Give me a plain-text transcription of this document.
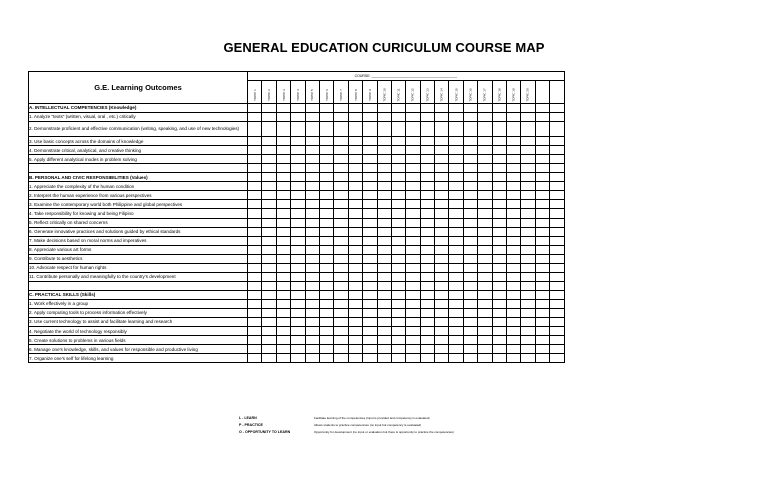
GENERAL EDUCATION CURICULUM COURSE MAP
G.E. Learning Outcomes	COURSE: ____________________________________________																					
	TOPIC 1	TOPIC 2	TOPIC 3	TOPIC 4	TOPIC 5	TOPIC 6	TOPIC 7	TOPIC 8	TOPIC 9	TOPIC 10	TOPIC 11	TOPIC 12	TOPIC 13	TOPIC 14	TOPIC 15	TOPIC 16	TOPIC 17	TOPIC 18	TOPIC 19	TOPIC 20		
A. INTELLECTUAL COMPETENCIES (Knowledge)																						
1. Analyze "texts" (written, visual, oral , etc.) critically																						
2. Demonstrate proficient and effective communication (writing, speaking, and use of new technologies)																						
3. Use basic concepts across the domains of knowledge																						
4. Demonstrate critical, analytical, and creative thinking																						
5. Apply different analytical modes in problem solving																						

B. PERSONAL AND CIVIC RESPONSIBILITIES (Values)																						
1. Appreciate the complexity of the human condition																						
2. Interpret the human experience from various perspectives																						
3. Examine the contemporary world both Philippine and global perspectives																						
4. Take responsibility for knowing and being Filipino																						
5. Reflect critically on shared concerns																						
6. Generate innovative practices and solutions guided by ethical standards																						
7. Make decisions based on moral norms and imperatives																						
8. Appreciate various art forms																						
9. Contribute to aesthetics																						
10. Advocate respect for human rights																						
11. Contribute personally and meaningfully to the country's development																						

C. PRACTICAL SKILLS (Skills)																						
1. Work effectively in a group																						
2. Apply computing tools to process information effectively																						
3. Use current technology to assist and facilitate learning and research																						
4. Negotiate the world of technology responsibly																						
5. Create solutions to problems in various fields																						
6. Manage one's knowledge, skills, and values for responsible and productive living																						
7. Organize one's self for lifelong learning																						
L - LEARN	Facilitate learning of the competencies (input is provided and competency is evaluated)
P - PRACTICE	Allows students to practice competencies (no input but competency is evaluated)
O - OPPORTUNITY TO LEARN	Opportunity for development (no input or evaluation but there is opportunity to practice the competencies)
